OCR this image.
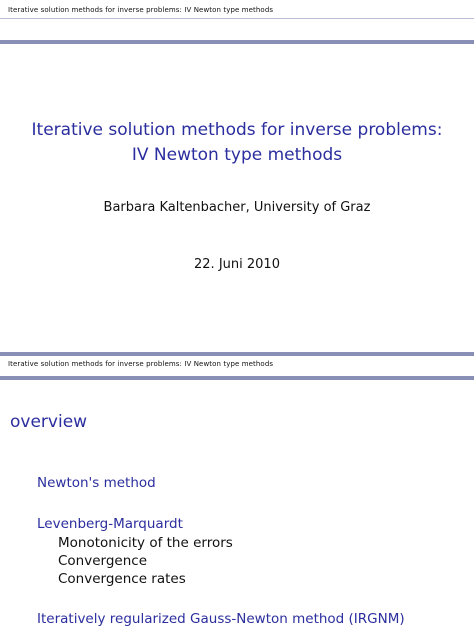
Iterative solution methods for inverse problems: IV Newton type methods
Iterative solution methods for inverse problems:
IV Newton type methods
Barbara Kaltenbacher, University of Graz
22. Juni 2010
Iterative solution methods for inverse problems: IV Newton type methods
overview
Newton's method
Levenberg-Marquardt
Monotonicity of the errors
Convergence
Convergence rates
Iteratively regularized Gauss-Newton method (IRGNM)
